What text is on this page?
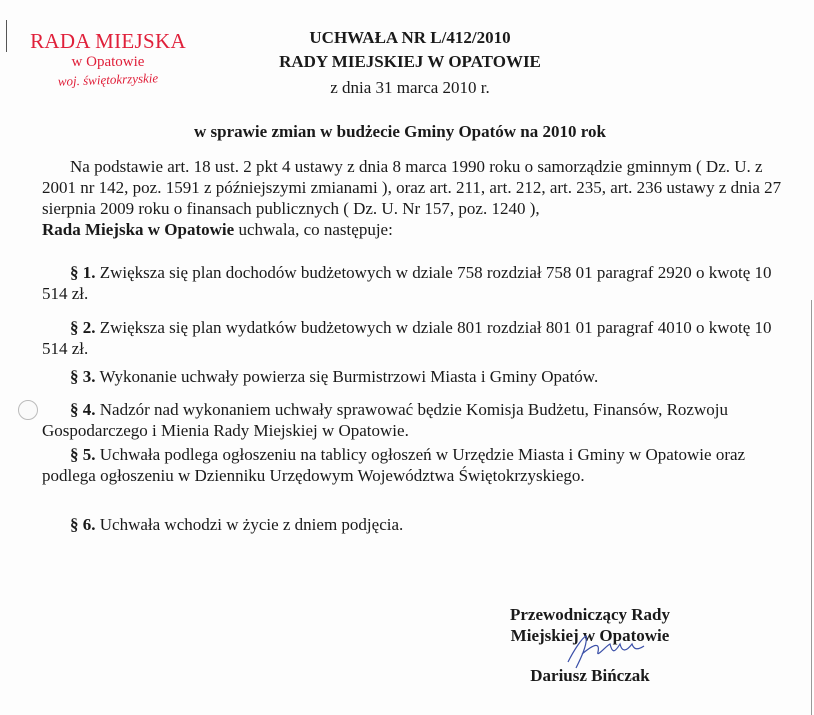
RADA MIEJSKA
w Opatowie
woj. świętokrzyskie
UCHWAŁA NR L/412/2010
RADY MIEJSKIEJ W OPATOWIE
z dnia 31 marca 2010 r.
w sprawie zmian w budżecie Gminy Opatów na 2010 rok
Na podstawie art. 18 ust. 2 pkt 4 ustawy z dnia 8 marca 1990 roku o samorządzie gminnym ( Dz. U. z 2001 nr 142, poz. 1591 z późniejszymi zmianami ), oraz art. 211, art. 212, art. 235, art. 236 ustawy z dnia 27 sierpnia 2009 roku o finansach publicznych ( Dz. U. Nr 157, poz. 1240 ),
Rada Miejska w Opatowie uchwala, co następuje:
§ 1. Zwiększa się plan dochodów budżetowych w dziale 758 rozdział 758 01 paragraf 2920 o kwotę 10 514 zł.
§ 2. Zwiększa się plan wydatków budżetowych w dziale 801 rozdział 801 01 paragraf 4010 o kwotę 10 514 zł.
§ 3. Wykonanie uchwały powierza się Burmistrzowi Miasta i Gminy Opatów.
§ 4. Nadzór nad wykonaniem uchwały sprawować będzie Komisja Budżetu, Finansów, Rozwoju Gospodarczego i Mienia Rady Miejskiej w Opatowie.
§ 5. Uchwała podlega ogłoszeniu na tablicy ogłoszeń w Urzędzie Miasta i Gminy w Opatowie oraz podlega ogłoszeniu w Dzienniku Urzędowym Województwa Świętokrzyskiego.
§ 6. Uchwała wchodzi w życie z dniem podjęcia.
Przewodniczący Rady
Miejskiej w Opatowie
Dariusz Bińczak
